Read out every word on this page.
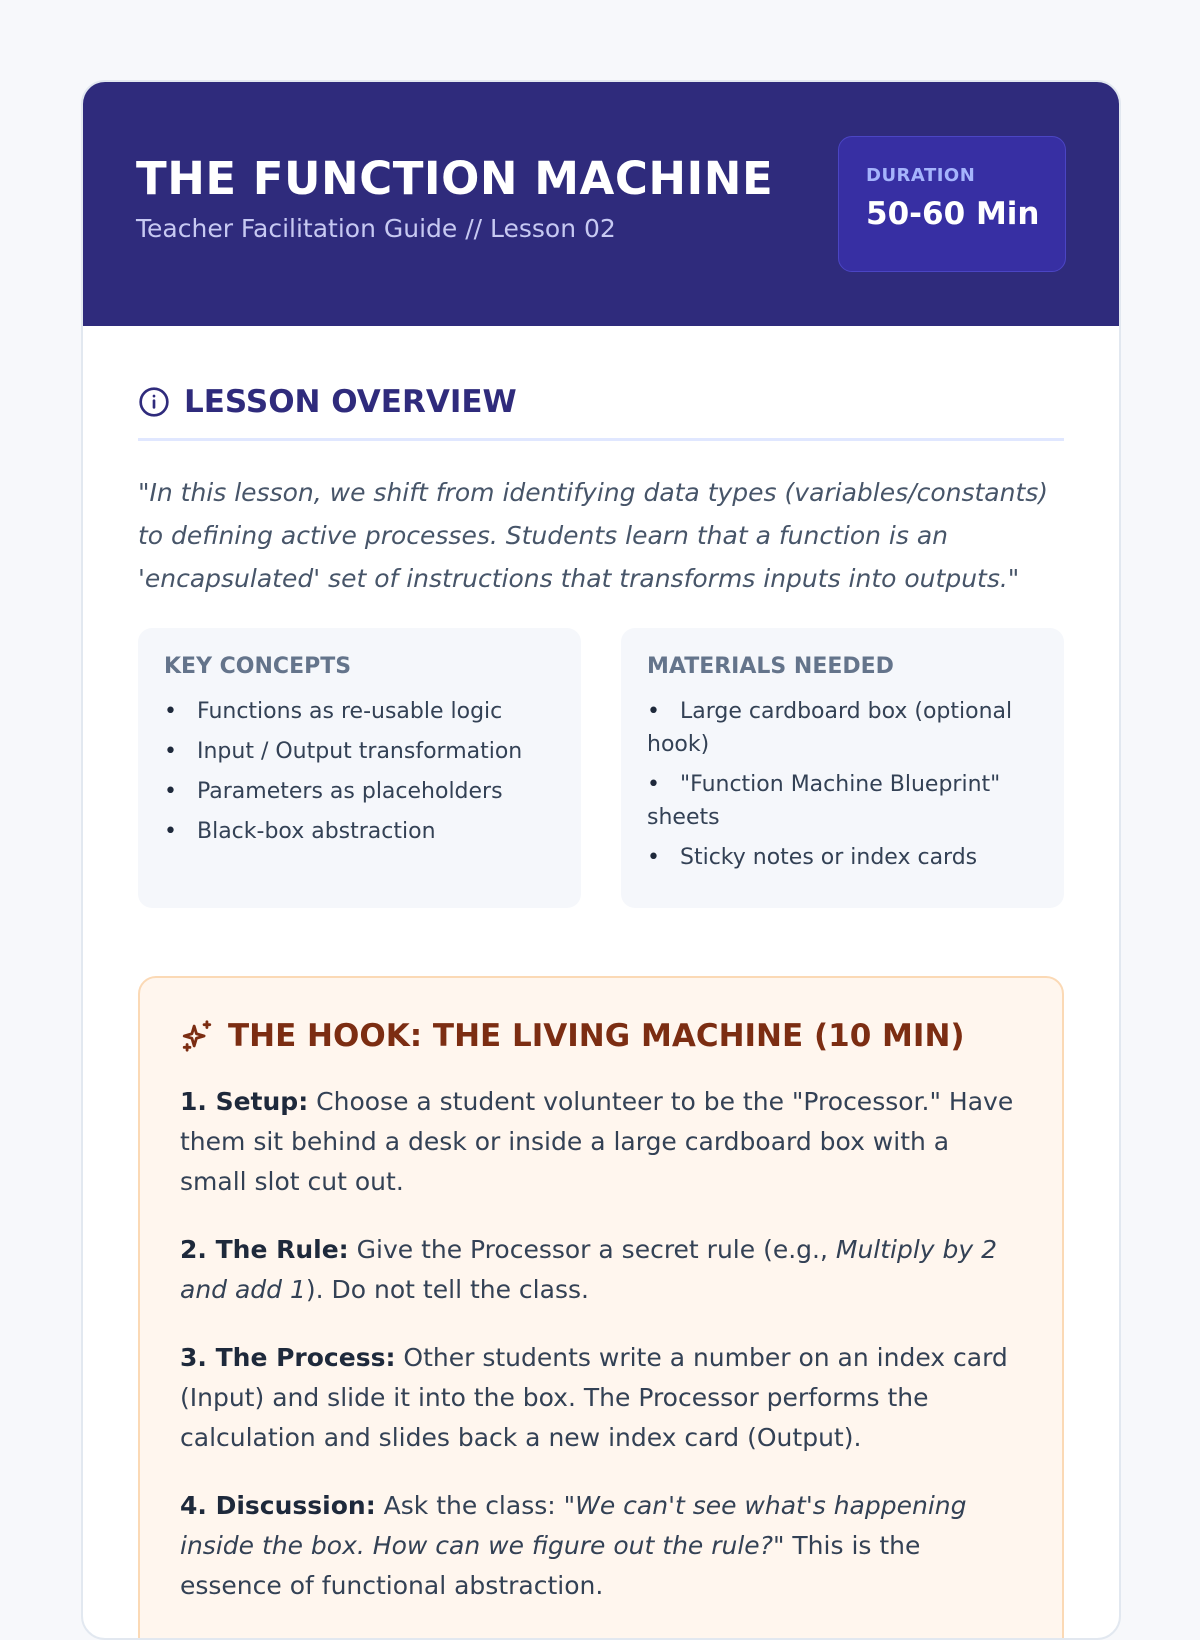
THE FUNCTION MACHINE
Teacher Facilitation Guide // Lesson 02
DURATION
50-60 Min
LESSON OVERVIEW

"In this lesson, we shift from identifying data types (variables/constants) to defining active processes. Students learn that a function is an 'encapsulated' set of instructions that transforms inputs into outputs."

KEY CONCEPTS
• Functions as re-usable logic
• Input / Output transformation
• Parameters as placeholders
• Black-box abstraction
MATERIALS NEEDED
• Large cardboard box (optional hook)
• "Function Machine Blueprint" sheets
• Sticky notes or index cards
THE HOOK: THE LIVING MACHINE (10 MIN)

1. Setup: Choose a student volunteer to be the "Processor." Have them sit behind a desk or inside a large cardboard box with a small slot cut out.

2. The Rule: Give the Processor a secret rule (e.g., Multiply by 2 and add 1). Do not tell the class.

3. The Process: Other students write a number on an index card (Input) and slide it into the box. The Processor performs the calculation and slides back a new index card (Output).

4. Discussion: Ask the class: "We can't see what's happening inside the box. How can we figure out the rule?" This is the essence of functional abstraction.
